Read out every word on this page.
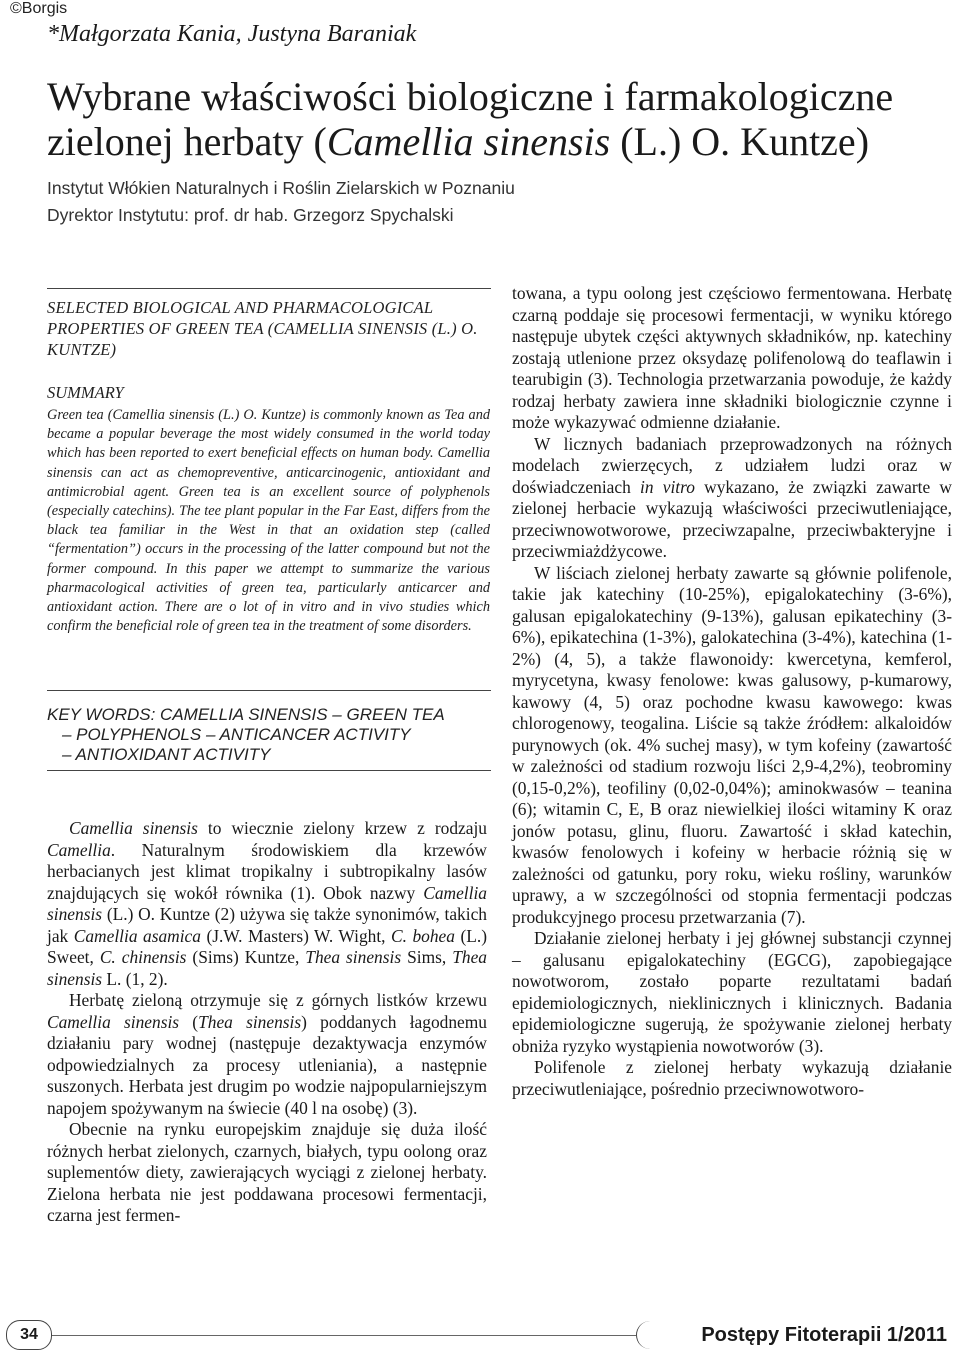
©Borgis
*Małgorzata Kania, Justyna Baraniak
Wybrane właściwości biologiczne i farmakologiczne zielonej herbaty (Camellia sinensis (L.) O. Kuntze)
Instytut Włókien Naturalnych i Roślin Zielarskich w Poznaniu
Dyrektor Instytutu: prof. dr hab. Grzegorz Spychalski
SELECTED BIOLOGICAL AND PHARMACOLOGICAL PROPERTIES OF GREEN TEA (CAMELLIA SINENSIS (L.) O. KUNTZE)
SUMMARY
Green tea (Camellia sinensis (L.) O. Kuntze) is commonly known as Tea and became a popular beverage the most widely consumed in the world today which has been reported to exert beneficial effects on human body. Camellia sinensis can act as chemopreventive, anticarcinogenic, antioxidant and antimicrobial agent. Green tea is an excellent source of polyphenols (especially catechins). The tee plant popular in the Far East, differs from the black tea familiar in the West in that an oxidation step (called “fermentation”) occurs in the processing of the latter compound but not the former compound. In this paper we attempt to summarize the various pharmacological activities of green tea, particularly anticarcer and antioxidant action. There are o lot of in vitro and in vivo studies which confirm the beneficial role of green tea in the treatment of some disorders.
KEY WORDS: CAMELLIA SINENSIS – GREEN TEA
– POLYPHENOLS – ANTICANCER ACTIVITY
– ANTIOXIDANT ACTIVITY

Camellia sinensis to wiecznie zielony krzew z rodzaju Camellia. Naturalnym środowiskiem dla krzewów herbacianych jest klimat tropikalny i subtropikalny lasów znajdujących się wokół równika (1). Obok nazwy Camellia sinensis (L.) O. Kuntze (2) używa się także synonimów, takich jak Camellia asamica (J.W. Masters) W. Wight, C. bohea (L.) Sweet, C. chinensis (Sims) Kuntze, Thea sinensis Sims, Thea sinensis L. (1, 2).

Herbatę zieloną otrzymuje się z górnych listków krzewu Camellia sinensis (Thea sinensis) poddanych łagodnemu działaniu pary wodnej (następuje dezaktywacja enzymów odpowiedzialnych za procesy utleniania), a następnie suszonych. Herbata jest drugim po wodzie najpopularniejszym napojem spożywanym na świecie (40 l na osobę) (3).

Obecnie na rynku europejskim znajduje się duża ilość różnych herbat zielonych, czarnych, białych, typu oolong oraz suplementów diety, zawierających wyciągi z zielonej herbaty. Zielona herbata nie jest poddawana procesowi fermentacji, czarna jest fermen-

towana, a typu oolong jest częściowo fermentowana. Herbatę czarną poddaje się procesowi fermentacji, w wyniku którego następuje ubytek części aktywnych składników, np. katechiny zostają utlenione przez oksydazę polifenolową do teaflawin i tearubigin (3). Technologia przetwarzania powoduje, że każdy rodzaj herbaty zawiera inne składniki biologicznie czynne i może wykazywać odmienne działanie.

W licznych badaniach przeprowadzonych na różnych modelach zwierzęcych, z udziałem ludzi oraz w doświadczeniach in vitro wykazano, że związki zawarte w zielonej herbacie wykazują właściwości przeciwutleniające, przeciwnowotworowe, przeciwzapalne, przeciwbakteryjne i przeciwmiażdżycowe.

W liściach zielonej herbaty zawarte są głównie polifenole, takie jak katechiny (10-25%), epigalokatechiny (3-6%), galusan epigalokatechiny (9-13%), galusan epikatechiny (3-6%), epikatechina (1-3%), galokatechina (3-4%), katechina (1-2%) (4, 5), a także flawonoidy: kwercetyna, kemferol, myrycetyna, kwasy fenolowe: kwas galusowy, p-kumarowy, kawowy (4, 5) oraz pochodne kwasu kawowego: kwas chlorogenowy, teogalina. Liście są także źródłem: alkaloidów purynowych (ok. 4% suchej masy), w tym kofeiny (zawartość w zależności od stadium rozwoju liści 2,9-4,2%), teobrominy (0,15-0,2%), teofiliny (0,02-0,04%); aminokwasów – teanina (6); witamin C, E, B oraz niewielkiej ilości witaminy K oraz jonów potasu, glinu, fluoru. Zawartość i skład katechin, kwasów fenolowych i kofeiny w herbacie różnią się w zależności od gatunku, pory roku, wieku rośliny, warunków uprawy, a w szczególności od stopnia fermentacji podczas produkcyjnego procesu przetwarzania (7).

Działanie zielonej herbaty i jej głównej substancji czynnej – galusanu epigalokatechiny (EGCG), zapobiegające nowotworom, zostało poparte rezultatami badań epidemiologicznych, nieklinicznych i klinicznych. Badania epidemiologiczne sugerują, że spożywanie zielonej herbaty obniża ryzyko wystąpienia nowotworów (3).

Polifenole z zielonej herbaty wykazują działanie przeciwutleniające, pośrednio przeciwnowotworo-

34	Postępy Fitoterapii 1/2011
